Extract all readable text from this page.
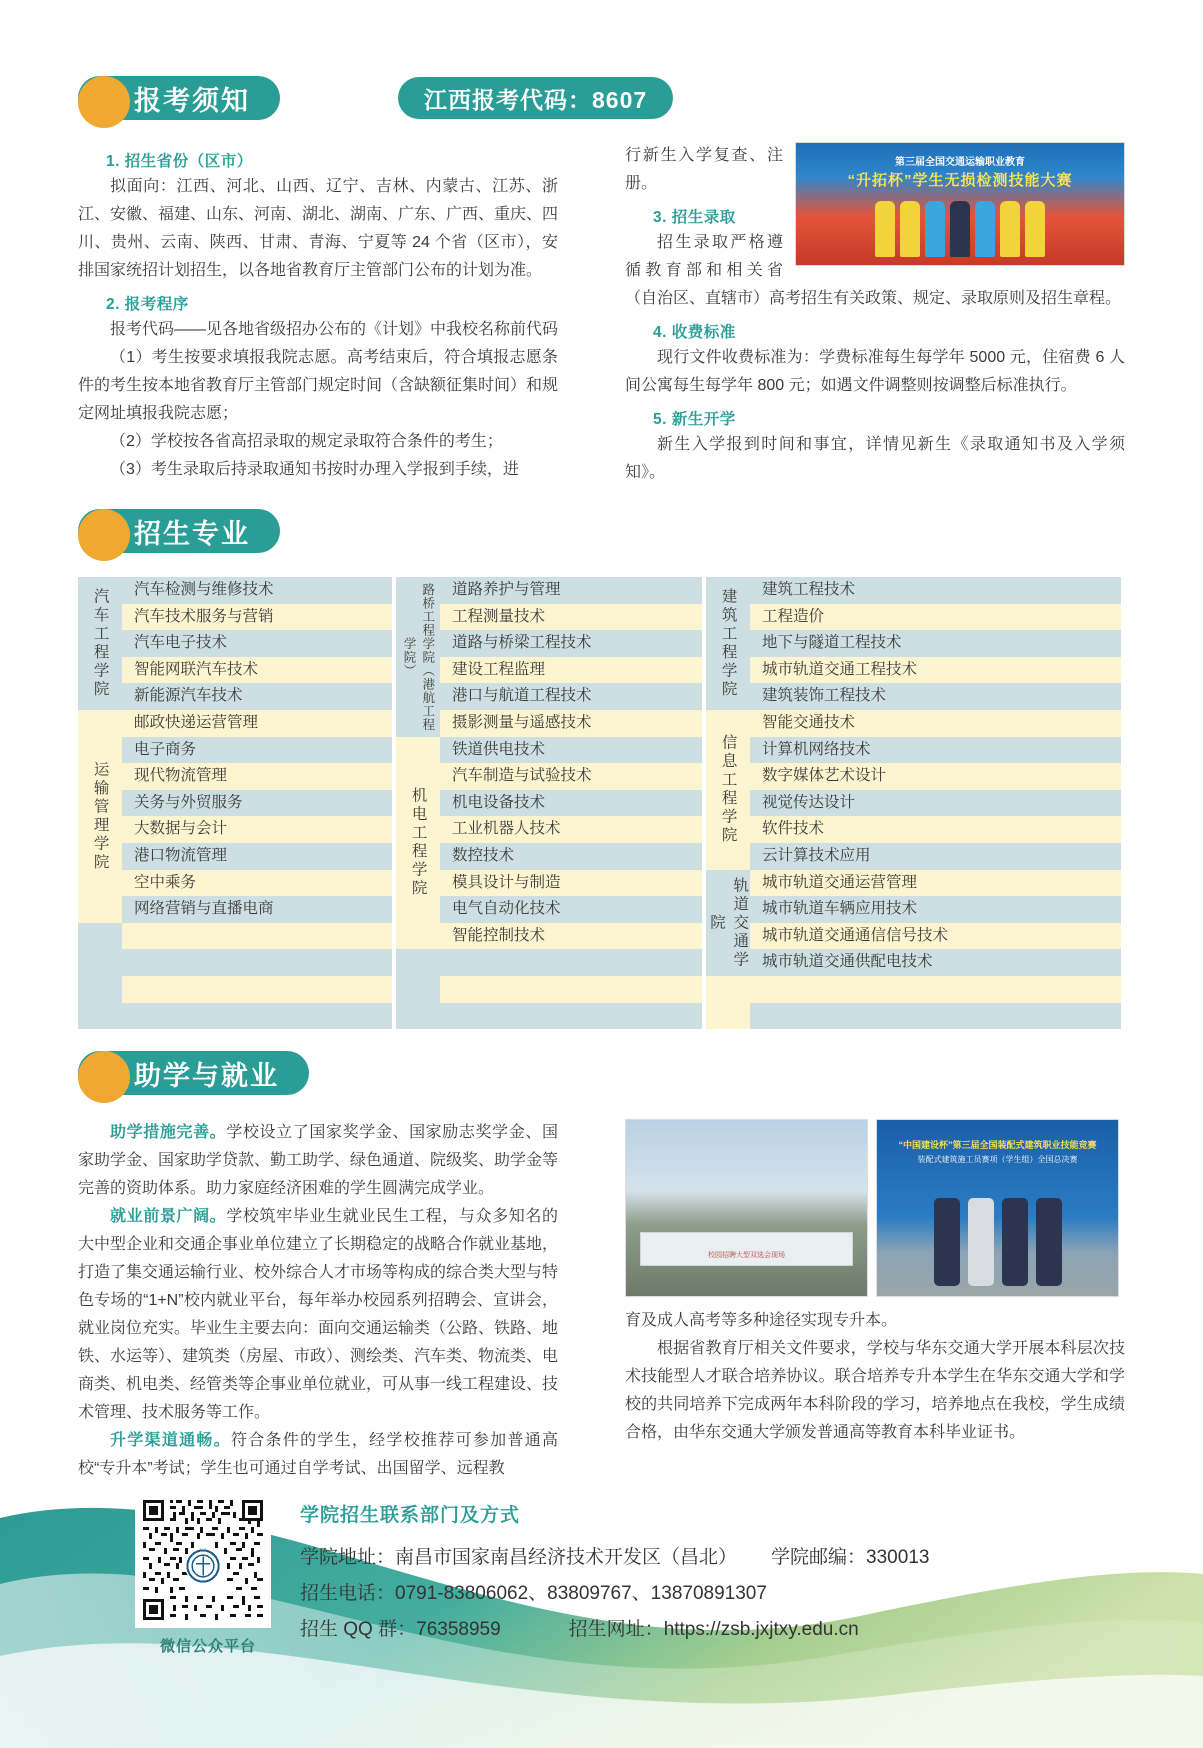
报考须知	江西报考代码：8607
1. 招生省份（区市）

拟面向：江西、河北、山西、辽宁、吉林、内蒙古、江苏、浙江、安徽、福建、山东、河南、湖北、湖南、广东、广西、重庆、四川、贵州、云南、陕西、甘肃、青海、宁夏等 24 个省（区市），安排国家统招计划招生，以各地省教育厅主管部门公布的计划为准。

2. 报考程序

报考代码——见各地省级招办公布的《计划》中我校名称前代码

（1）考生按要求填报我院志愿。高考结束后，符合填报志愿条件的考生按本地省教育厅主管部门规定时间（含缺额征集时间）和规定网址填报我院志愿；

（2）学校按各省高招录取的规定录取符合条件的考生；

（3）考生录取后持录取通知书按时办理入学报到手续，进

第三届全国交通运输职业教育
“升拓杯”学生无损检测技能大赛

行新生入学复查、注册。

3. 招生录取

招生录取严格遵循教育部和相关省（自治区、直辖市）高考招生有关政策、规定、录取原则及招生章程。

4. 收费标准

现行文件收费标准为：学费标准每生每学年 5000 元，住宿费 6 人间公寓每生每学年 800 元；如遇文件调整则按调整后标准执行。

5. 新生开学

新生入学报到时间和事宜，详情见新生《录取通知书及入学须知》。

招生专业
汽车工程学院
运输管理学院
汽车检测与维修技术
汽车技术服务与营销
汽车电子技术
智能网联汽车技术
新能源汽车技术
邮政快递运营管理
电子商务
现代物流管理
关务与外贸服务
大数据与会计
港口物流管理
空中乘务
网络营销与直播电商
路桥工程学院（港航工程学院）
机电工程学院
道路养护与管理
工程测量技术
道路与桥梁工程技术
建设工程监理
港口与航道工程技术
摄影测量与遥感技术
铁道供电技术
汽车制造与试验技术
机电设备技术
工业机器人技术
数控技术
模具设计与制造
电气自动化技术
智能控制技术
建筑工程学院
信息工程学院
轨道交通学院
建筑工程技术
工程造价
地下与隧道工程技术
城市轨道交通工程技术
建筑装饰工程技术
智能交通技术
计算机网络技术
数字媒体艺术设计
视觉传达设计
软件技术
云计算技术应用
城市轨道交通运营管理
城市轨道车辆应用技术
城市轨道交通通信信号技术
城市轨道交通供配电技术
助学与就业

助学措施完善。学校设立了国家奖学金、国家励志奖学金、国家助学金、国家助学贷款、勤工助学、绿色通道、院级奖、助学金等完善的资助体系。助力家庭经济困难的学生圆满完成学业。

就业前景广阔。学校筑牢毕业生就业民生工程，与众多知名的大中型企业和交通企事业单位建立了长期稳定的战略合作就业基地，打造了集交通运输行业、校外综合人才市场等构成的综合类大型与特色专场的“1+N”校内就业平台，每年举办校园系列招聘会、宣讲会，就业岗位充实。毕业生主要去向：面向交通运输类（公路、铁路、地铁、水运等）、建筑类（房屋、市政）、测绘类、汽车类、物流类、电商类、机电类、经管类等企事业单位就业，可从事一线工程建设、技术管理、技术服务等工作。

升学渠道通畅。符合条件的学生，经学校推荐可参加普通高校“专升本”考试；学生也可通过自学考试、出国留学、远程教

校园招聘大型双选会现场
“中国建设杯”第三届全国装配式建筑职业技能竞赛
装配式建筑施工员赛项（学生组）全国总决赛

育及成人高考等多种途径实现专升本。

根据省教育厅相关文件要求，学校与华东交通大学开展本科层次技术技能型人才联合培养协议。联合培养专升本学生在华东交通大学和学校的共同培养下完成两年本科阶段的学习，培养地点在我校，学生成绩合格，由华东交通大学颁发普通高等教育本科毕业证书。

微信公众平台
学院招生联系部门及方式
学院地址：南昌市国家南昌经济技术开发区（昌北） 学院邮编：330013
招生电话：0791-83806062、83809767、13870891307
招生 QQ 群：76358959	招生网址：https://zsb.jxjtxy.edu.cn
